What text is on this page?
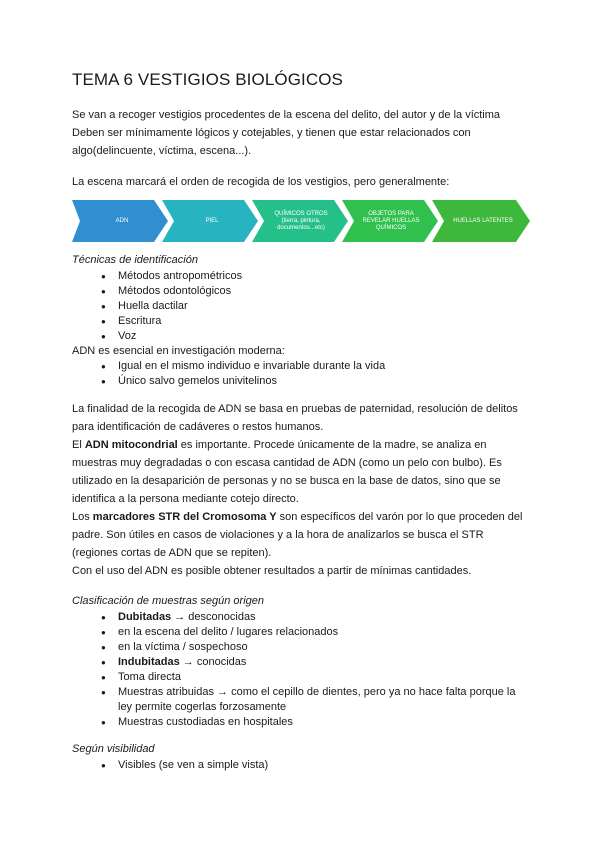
TEMA 6 VESTIGIOS BIOLÓGICOS

Se van a recoger vestigios procedentes de la escena del delito, del autor y de la víctima

Deben ser mínimamente lógicos y cotejables, y tienen que estar relacionados con

algo(delincuente, víctima, escena...).

La escena marcará el orden de recogida de los vestigios, pero generalmente:

ADN	PIEL
QUÍMICOS OTROS (tierra, pintura, documentos...etc)
OBJETOS PARA REVELAR HUELLAS QUÍMICOS
HUELLAS LATENTES

Técnicas de identificación

● Métodos antropométricos
● Métodos odontológicos
● Huella dactilar
● Escritura
● Voz

ADN es esencial en investigación moderna:

● Igual en el mismo individuo e invariable durante la vida
● Único salvo gemelos univitelinos

La finalidad de la recogida de ADN se basa en pruebas de paternidad, resolución de delitos

para identificación de cadáveres o restos humanos.

El ADN mitocondrial es importante. Procede únicamente de la madre, se analiza en

muestras muy degradadas o con escasa cantidad de ADN (como un pelo con bulbo). Es

utilizado en la desaparición de personas y no se busca en la base de datos, sino que se

identifica a la persona mediante cotejo directo.

Los marcadores STR del Cromosoma Y son específicos del varón por lo que proceden del

padre. Son útiles en casos de violaciones y a la hora de analizarlos se busca el STR

(regiones cortas de ADN que se repiten).

Con el uso del ADN es posible obtener resultados a partir de mínimas cantidades.

Clasificación de muestras según origen

● Dubitadas → desconocidas
● en la escena del delito / lugares relacionados
● en la víctima / sospechoso
● Indubitadas → conocidas
● Toma directa
● Muestras atribuidas → como el cepillo de dientes, pero ya no hace falta porque la

ley permite cogerlas forzosamente

● Muestras custodiadas en hospitales

Según visibilidad

● Visibles (se ven a simple vista)
